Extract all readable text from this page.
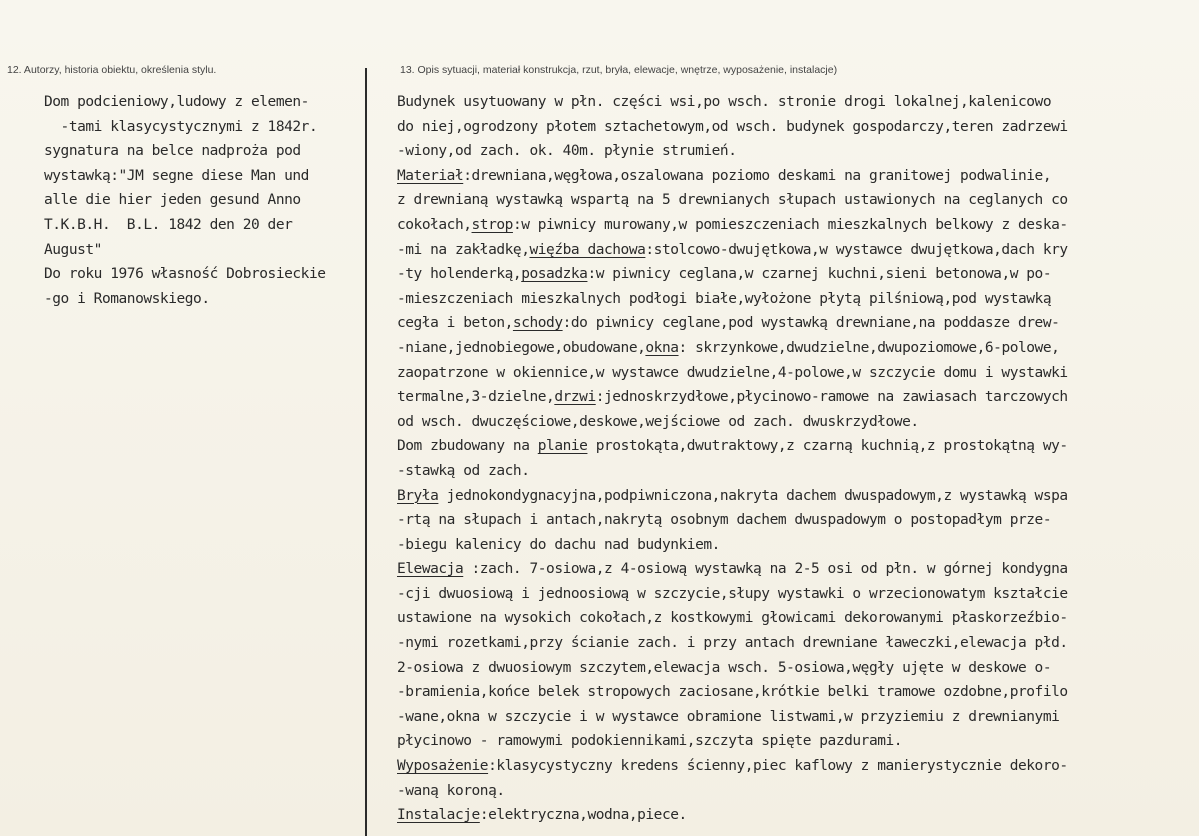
12. Autorzy, historia obiektu, określenia stylu.	13. Opis sytuacji, materiał konstrukcja, rzut, bryła, elewacje, wnętrze, wyposażenie, instalacje)
Dom podcieniowy,ludowy z elemen-
-tami klasycystycznymi z 1842r.
sygnatura na belce nadproża pod
wystawką:"JM segne diese Man und
alle die hier jeden gesund Anno
T.K.B.H.  B.L. 1842 den 20 der
August"
Do roku 1976 własność Dobrosieckie
-go i Romanowskiego.
Budynek usytuowany w płn. części wsi,po wsch. stronie drogi lokalnej,kalenicowo
do niej,ogrodzony płotem sztachetowym,od wsch. budynek gospodarczy,teren zadrzewi
-wiony,od zach. ok. 40m. płynie strumień.
Materiał:drewniana,węgłowa,oszalowana poziomo deskami na granitowej podwalinie,
z drewnianą wystawką wspartą na 5 drewnianych słupach ustawionych na ceglanych co
cokołach,strop:w piwnicy murowany,w pomieszczeniach mieszkalnych belkowy z deska-
-mi na zakładkę,więźba dachowa:stolcowo-dwujętkowa,w wystawce dwujętkowa,dach kry
-ty holenderką,posadzka:w piwnicy ceglana,w czarnej kuchni,sieni betonowa,w po-
-mieszczeniach mieszkalnych podłogi białe,wyłożone płytą pilśniową,pod wystawką
cegła i beton,schody:do piwnicy ceglane,pod wystawką drewniane,na poddasze drew-
-niane,jednobiegowe,obudowane,okna: skrzynkowe,dwudzielne,dwupoziomowe,6-polowe,
zaopatrzone w okiennice,w wystawce dwudzielne,4-polowe,w szczycie domu i wystawki
termalne,3-dzielne,drzwi:jednoskrzydłowe,płycinowo-ramowe na zawiasach tarczowych
od wsch. dwuczęściowe,deskowe,wejściowe od zach. dwuskrzydłowe.
Dom zbudowany na planie prostokąta,dwutraktowy,z czarną kuchnią,z prostokątną wy-
-stawką od zach.
Bryła jednokondygnacyjna,podpiwniczona,nakryta dachem dwuspadowym,z wystawką wspa
-rtą na słupach i antach,nakrytą osobnym dachem dwuspadowym o postopadłym prze-
-biegu kalenicy do dachu nad budynkiem.
Elewacja :zach. 7-osiowa,z 4-osiową wystawką na 2-5 osi od płn. w górnej kondygna
-cji dwuosiową i jednoosiową w szczycie,słupy wystawki o wrzecionowatym kształcie
ustawione na wysokich cokołach,z kostkowymi głowicami dekorowanymi płaskorzeźbio-
-nymi rozetkami,przy ścianie zach. i przy antach drewniane ławeczki,elewacja płd.
2-osiowa z dwuosiowym szczytem,elewacja wsch. 5-osiowa,węgły ujęte w deskowe o-
-bramienia,końce belek stropowych zaciosane,krótkie belki tramowe ozdobne,profilo
-wane,okna w szczycie i w wystawce obramione listwami,w przyziemiu z drewnianymi
płycinowo - ramowymi podokiennikami,szczyta spięte pazdurami.
Wyposażenie:klasycystyczny kredens ścienny,piec kaflowy z manierystycznie dekoro-
-waną koroną.
Instalacje:elektryczna,wodna,piece.
